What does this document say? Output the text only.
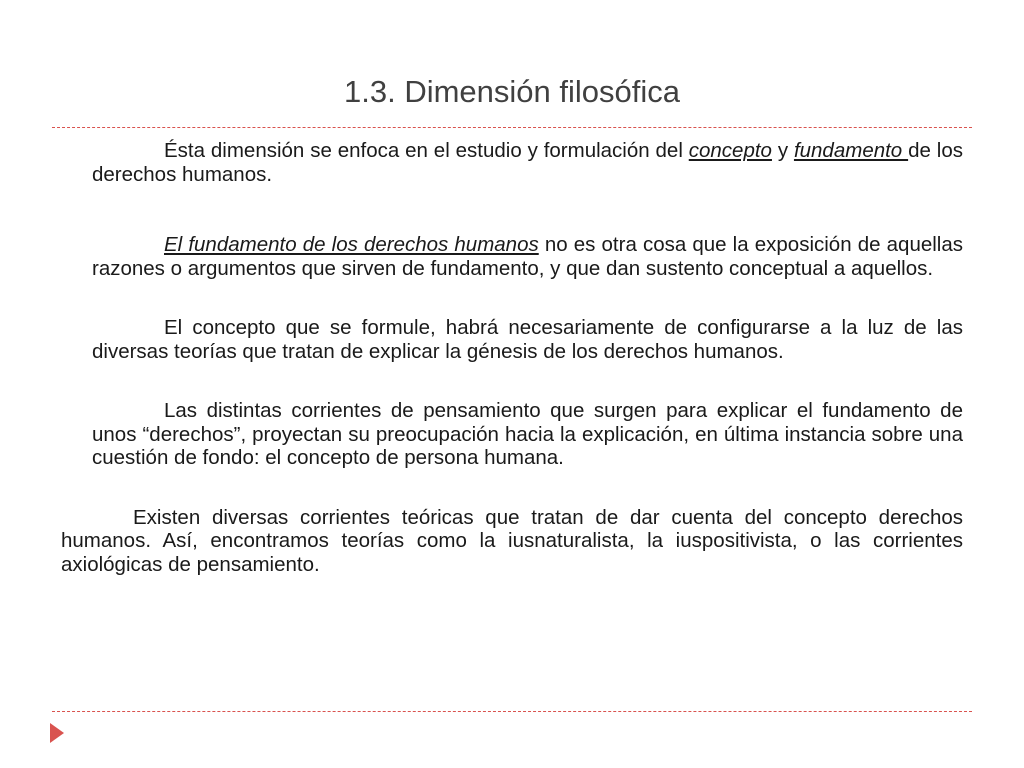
1.3. Dimensión filosófica

Ésta dimensión se enfoca en el estudio y formulación del concepto y fundamento de los derechos humanos.

El fundamento de los derechos humanos no es otra cosa que la exposición de aquellas razones o argumentos que sirven de fundamento, y que dan sustento conceptual a aquellos.

El concepto que se formule, habrá necesariamente de configurarse a la luz de las diversas teorías que tratan de explicar la génesis de los derechos humanos.

Las distintas corrientes de pensamiento que surgen para explicar el fundamento de unos “derechos”, proyectan su preocupación hacia la explicación, en última instancia sobre una cuestión de fondo: el concepto de persona humana.

Existen diversas corrientes teóricas que tratan de dar cuenta del concepto derechos humanos. Así, encontramos teorías como la iusnaturalista, la iuspositivista, o las corrientes axiológicas de pensamiento.
